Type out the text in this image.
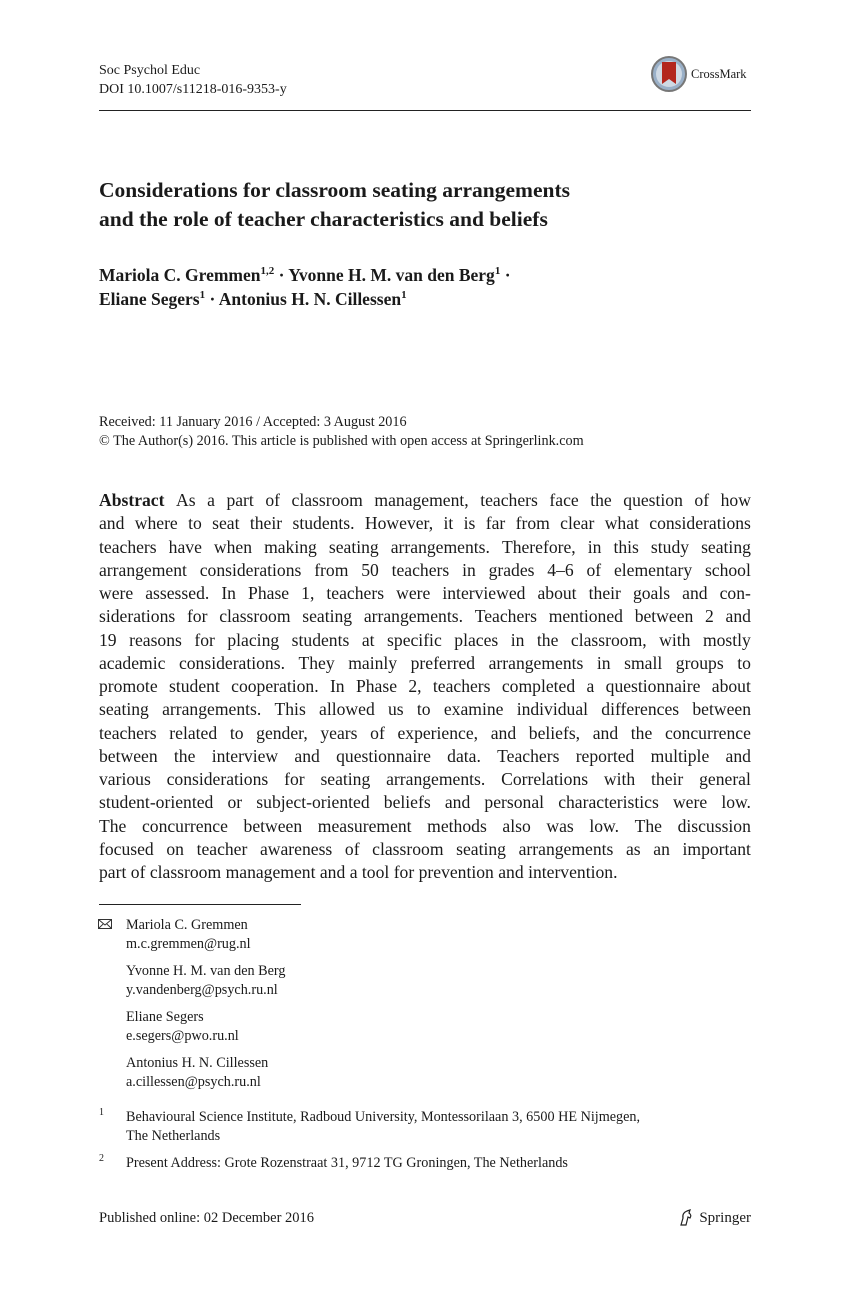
Soc Psychol Educ
DOI 10.1007/s11218-016-9353-y
CrossMark
Considerations for classroom seating arrangements
and the role of teacher characteristics and beliefs
Mariola C. Gremmen$^{1,2}$ · Yvonne H. M. van den Berg$^1$ ·
Eliane Segers$^1$ · Antonius H. N. Cillessen$^1$
Received: 11 January 2016 / Accepted: 3 August 2016
© The Author(s) 2016. This article is published with open access at Springerlink.com
Abstract As a part of classroom management, teachers face the question of how
and where to seat their students. However, it is far from clear what considerations
teachers have when making seating arrangements. Therefore, in this study seating
arrangement considerations from 50 teachers in grades 4–6 of elementary school
were assessed. In Phase 1, teachers were interviewed about their goals and con-
siderations for classroom seating arrangements. Teachers mentioned between 2 and
19 reasons for placing students at specific places in the classroom, with mostly
academic considerations. They mainly preferred arrangements in small groups to
promote student cooperation. In Phase 2, teachers completed a questionnaire about
seating arrangements. This allowed us to examine individual differences between
teachers related to gender, years of experience, and beliefs, and the concurrence
between the interview and questionnaire data. Teachers reported multiple and
various considerations for seating arrangements. Correlations with their general
student-oriented or subject-oriented beliefs and personal characteristics were low.
The concurrence between measurement methods also was low. The discussion
focused on teacher awareness of classroom seating arrangements as an important
part of classroom management and a tool for prevention and intervention.
Mariola C. Gremmen
m.c.gremmen@rug.nl
Yvonne H. M. van den Berg
y.vandenberg@psych.ru.nl
Eliane Segers
e.segers@pwo.ru.nl
Antonius H. N. Cillessen
a.cillessen@psych.ru.nl
1 Behavioural Science Institute, Radboud University, Montessorilaan 3, 6500 HE Nijmegen,
The Netherlands
2 Present Address: Grote Rozenstraat 31, 9712 TG Groningen, The Netherlands
Published online: 02 December 2016	Springer
